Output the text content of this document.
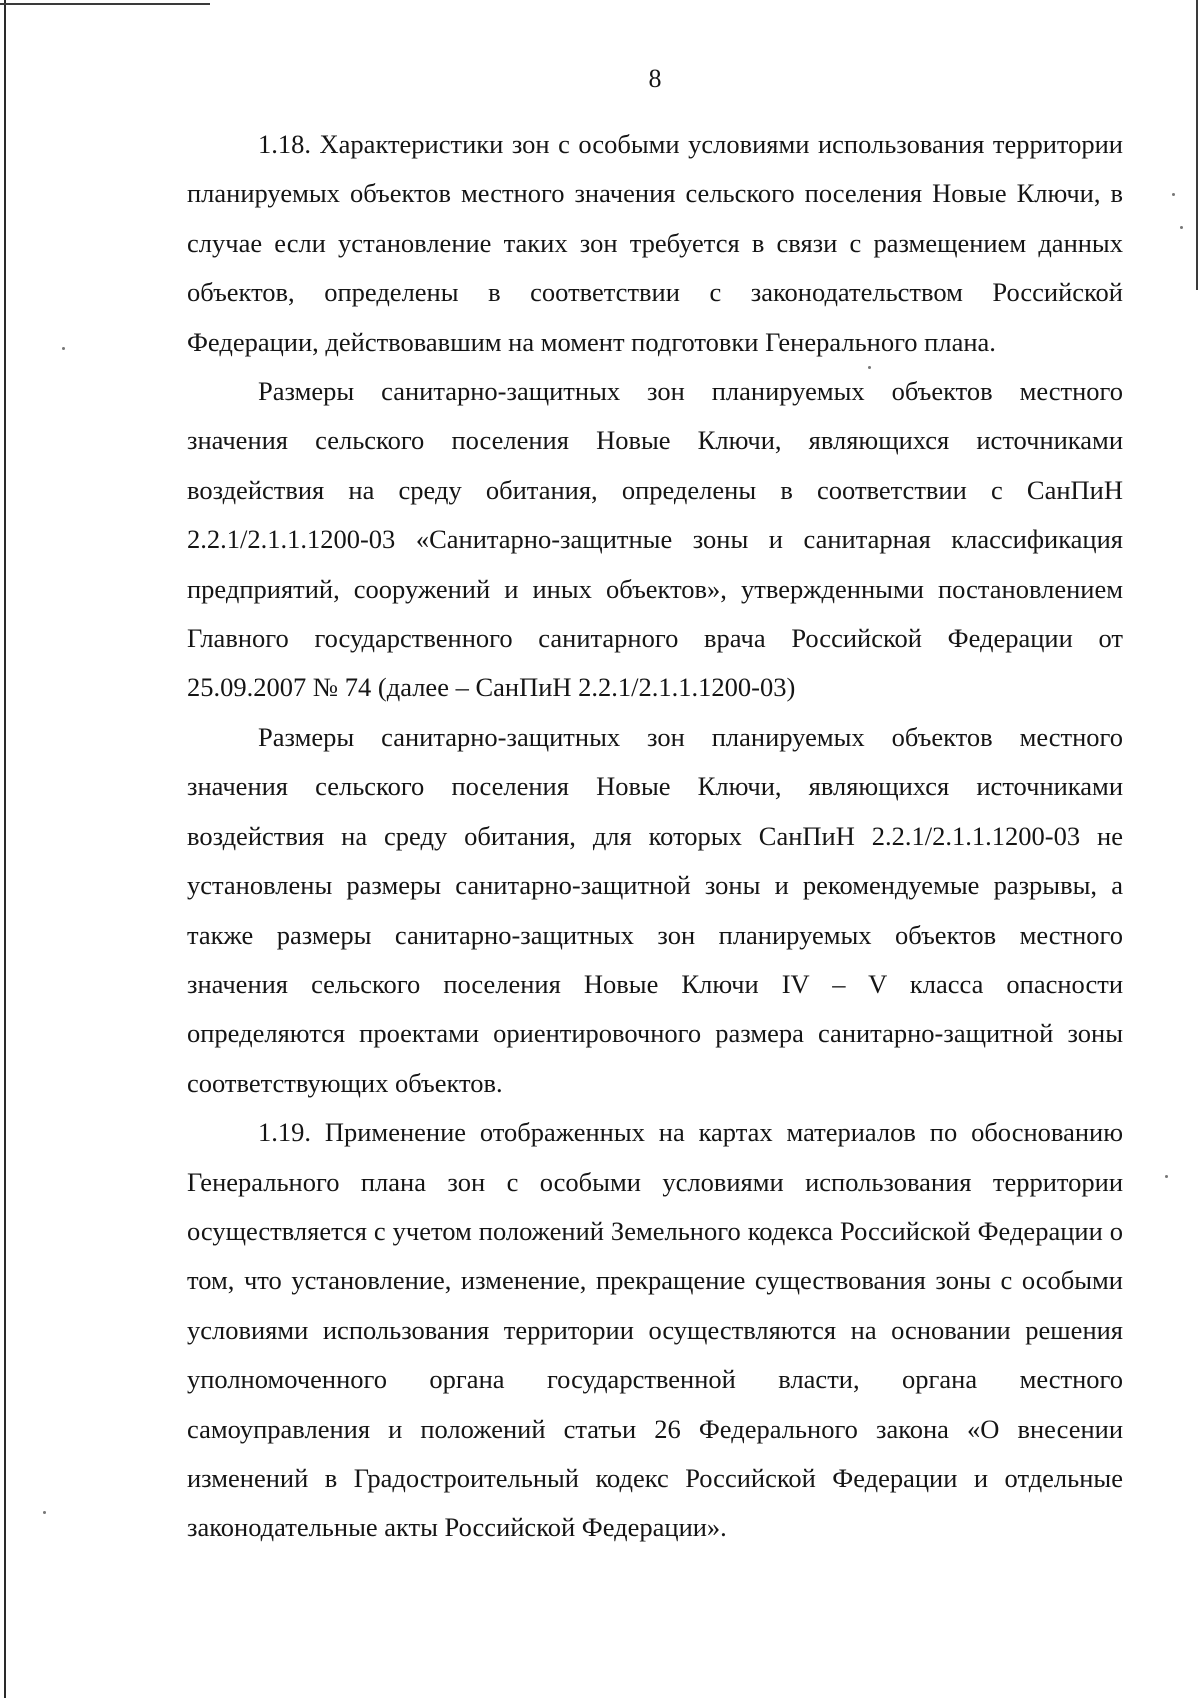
8

1.18. Характеристики зон с особыми условиями использования территории планируемых объектов местного значения сельского поселения Новые Ключи, в случае если установление таких зон требуется в связи с размещением данных объектов, определены в соответствии с законодательством Российской Федерации, действовавшим на момент подготовки Генерального плана.

Размеры санитарно-защитных зон планируемых объектов местного значения сельского поселения Новые Ключи, являющихся источниками воздействия на среду обитания, определены в соответствии с СанПиН 2.2.1/2.1.1.1200-03 «Санитарно-защитные зоны и санитарная классификация предприятий, сооружений и иных объектов», утвержденными постановлением Главного государственного санитарного врача Российской Федерации от 25.09.2007 № 74 (далее – СанПиН 2.2.1/2.1.1.1200-03)

Размеры санитарно-защитных зон планируемых объектов местного значения сельского поселения Новые Ключи, являющихся источниками воздействия на среду обитания, для которых СанПиН 2.2.1/2.1.1.1200-03 не установлены размеры санитарно-защитной зоны и рекомендуемые разрывы, а также размеры санитарно-защитных зон планируемых объектов местного значения сельского поселения Новые Ключи IV – V класса опасности определяются проектами ориентировочного размера санитарно-защитной зоны соответствующих объектов.

1.19. Применение отображенных на картах материалов по обоснованию Генерального плана зон с особыми условиями использования территории осуществляется с учетом положений Земельного кодекса Российской Федерации о том, что установление, изменение, прекращение существования зоны с особыми условиями использования территории осуществляются на основании решения уполномоченного органа государственной власти, органа местного самоуправления и положений статьи 26 Федерального закона «О внесении изменений в Градостроительный кодекс Российской Федерации и отдельные законодательные акты Российской Федерации».
